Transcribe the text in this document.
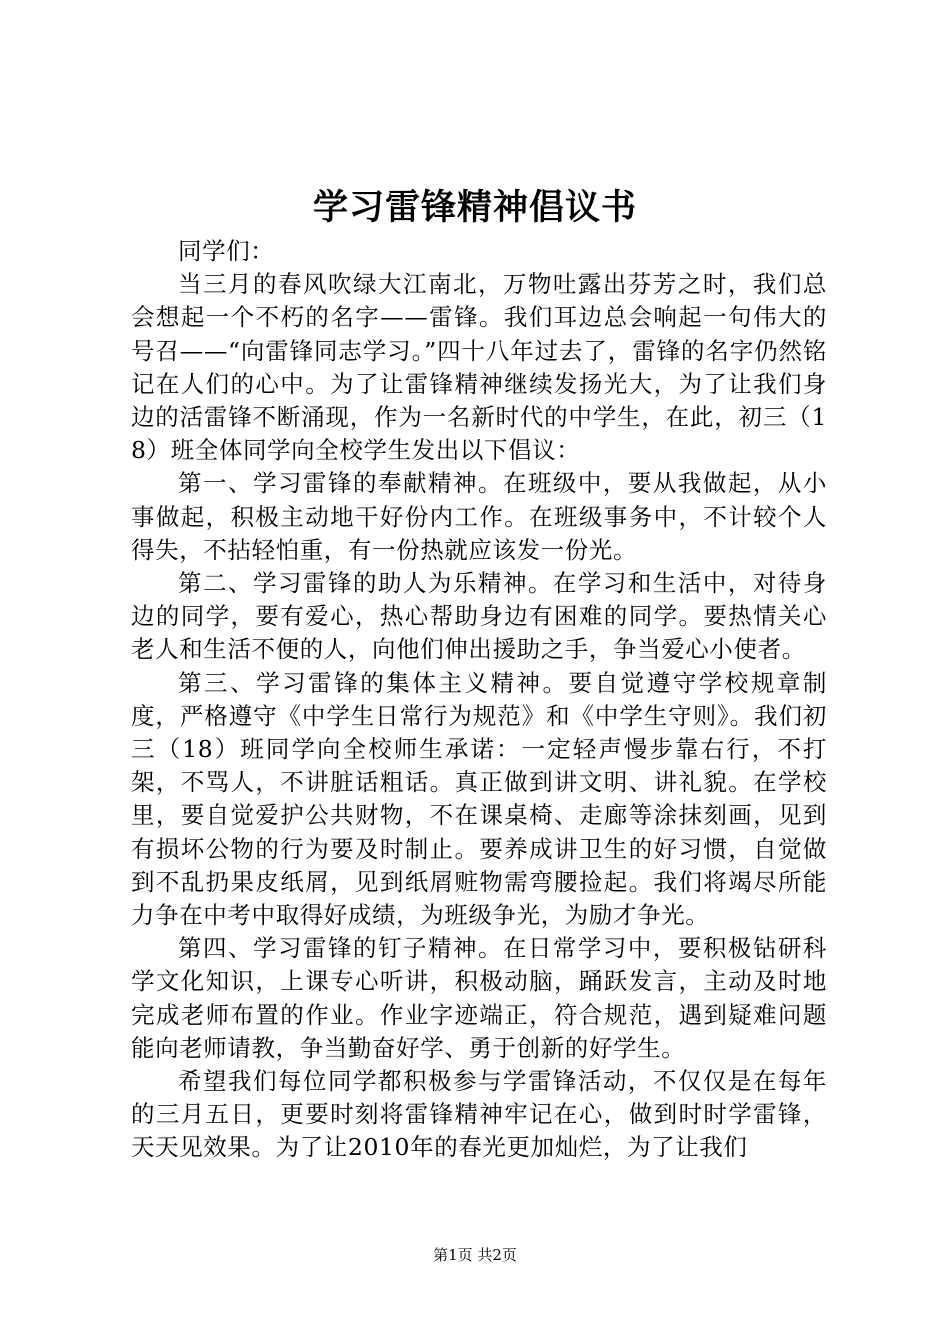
学习雷锋精神倡议书

同学们：

当三月的春风吹绿大江南北，万物吐露出芬芳之时，我们总会想起一个不朽的名字——雷锋。我们耳边总会响起一句伟大的号召——“向雷锋同志学习。”四十八年过去了，雷锋的名字仍然铭记在人们的心中。为了让雷锋精神继续发扬光大，为了让我们身边的活雷锋不断涌现，作为一名新时代的中学生，在此，初三（18）班全体同学向全校学生发出以下倡议：

第一、学习雷锋的奉献精神。在班级中，要从我做起，从小事做起，积极主动地干好份内工作。在班级事务中，不计较个人得失，不拈轻怕重，有一份热就应该发一份光。

第二、学习雷锋的助人为乐精神。在学习和生活中，对待身边的同学，要有爱心，热心帮助身边有困难的同学。要热情关心老人和生活不便的人，向他们伸出援助之手，争当爱心小使者。

第三、学习雷锋的集体主义精神。要自觉遵守学校规章制度，严格遵守《中学生日常行为规范》和《中学生守则》。我们初三（18）班同学向全校师生承诺：一定轻声慢步靠右行，不打架，不骂人，不讲脏话粗话。真正做到讲文明、讲礼貌。在学校里，要自觉爱护公共财物，不在课桌椅、走廊等涂抹刻画，见到有损坏公物的行为要及时制止。要养成讲卫生的好习惯，自觉做到不乱扔果皮纸屑，见到纸屑赃物需弯腰捡起。我们将竭尽所能力争在中考中取得好成绩，为班级争光，为励才争光。

第四、学习雷锋的钉子精神。在日常学习中，要积极钻研科学文化知识，上课专心听讲，积极动脑，踊跃发言，主动及时地完成老师布置的作业。作业字迹端正，符合规范，遇到疑难问题能向老师请教，争当勤奋好学、勇于创新的好学生。

希望我们每位同学都积极参与学雷锋活动，不仅仅是在每年的三月五日，更要时刻将雷锋精神牢记在心，做到时时学雷锋，天天见效果。为了让2010年的春光更加灿烂，为了让我们

第1页 共2页
